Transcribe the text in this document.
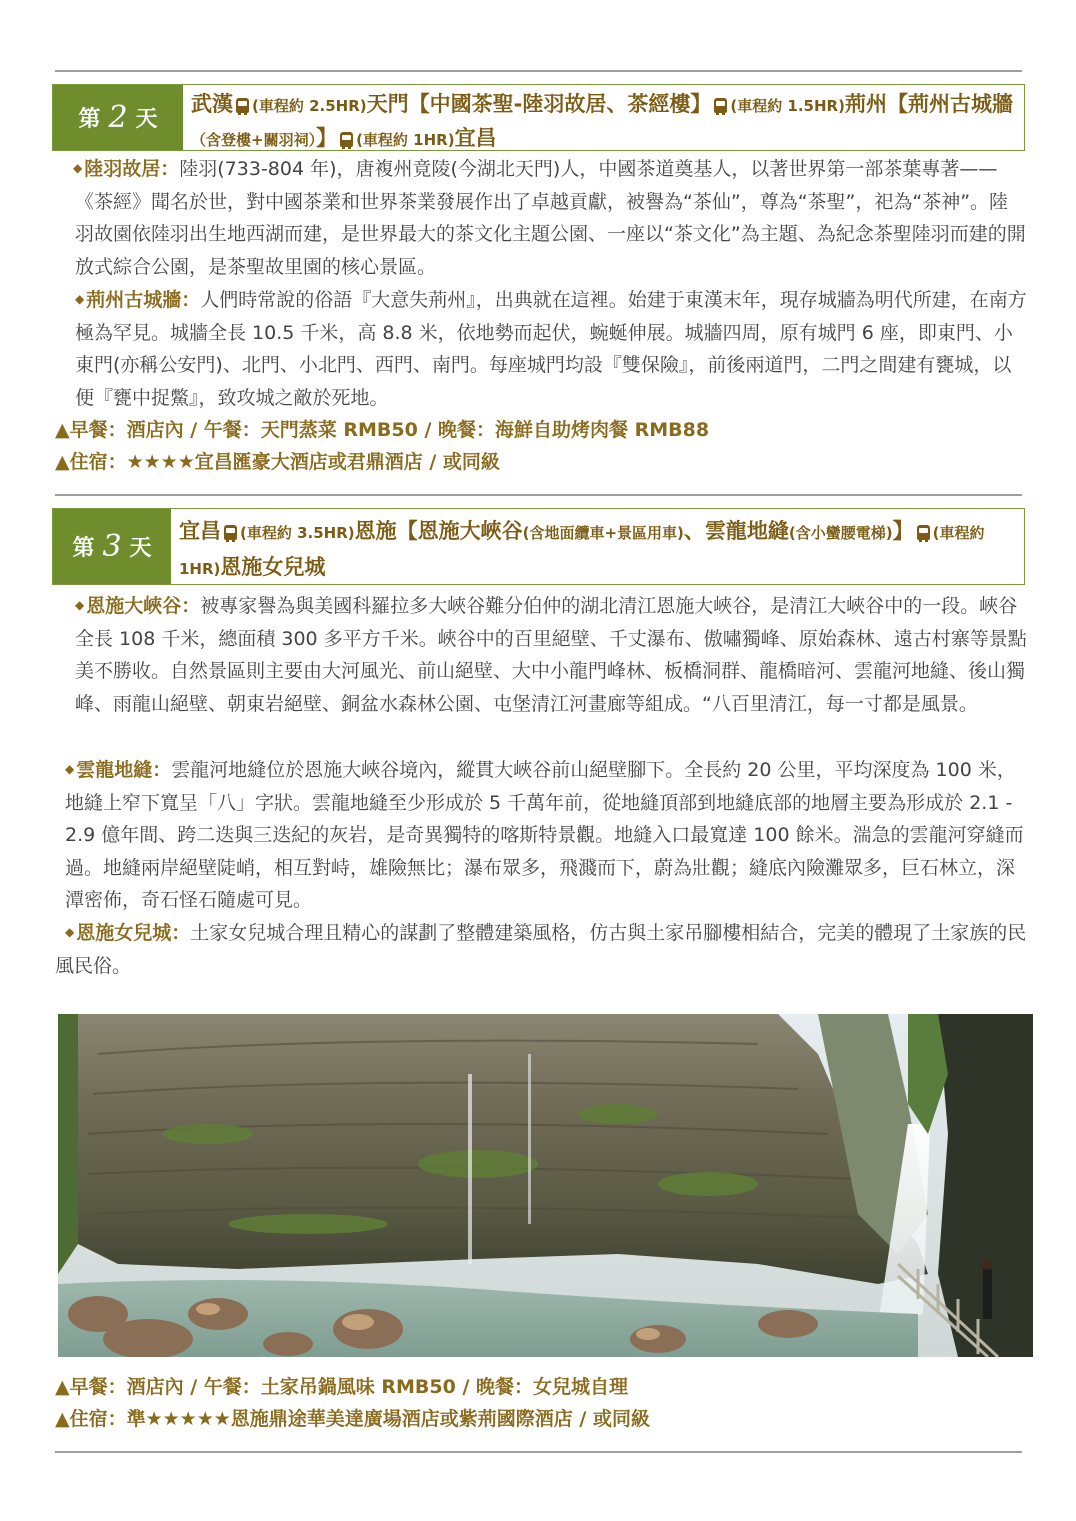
第 2 天
武漢 (車程約 2.5HR)天門【中國茶聖-陸羽故居、茶經樓】 (車程約 1.5HR)荊州【荊州古城牆（含登樓+關羽祠）】 (車程約 1HR)宜昌
◆ 陸羽故居：陸羽(733-804 年)，唐複州竟陵(今湖北天門)人，中國茶道奠基人，以著世界第一部茶葉專著——《茶經》聞名於世，對中國茶業和世界茶業發展作出了卓越貢獻，被譽為“茶仙”，尊為“茶聖”，祀為“茶神”。陸羽故園依陸羽出生地西湖而建，是世界最大的茶文化主題公園、一座以“茶文化”為主題、為紀念茶聖陸羽而建的開放式綜合公園，是茶聖故里園的核心景區。
◆ 荊州古城牆：人們時常說的俗語『大意失荊州』，出典就在這裡。始建于東漢末年，現存城牆為明代所建，在南方極為罕見。城牆全長 10.5 千米，高 8.8 米，依地勢而起伏，蜿蜒伸展。城牆四周，原有城門 6 座，即東門、小東門(亦稱公安門)、北門、小北門、西門、南門。每座城門均設『雙保險』，前後兩道門，二門之間建有甕城，以便『甕中捉鱉』，致攻城之敵於死地。
▲早餐：酒店內 / 午餐：天門蒸菜 RMB50 / 晚餐：海鮮自助烤肉餐 RMB88
▲住宿：★★★★宜昌匯豪大酒店或君鼎酒店 / 或同級
第 3 天
宜昌 (車程約 3.5HR)恩施【恩施大峽谷(含地面纜車+景區用車)、雲龍地縫(含小蠻腰電梯)】 (車程約 1HR)恩施女兒城
◆ 恩施大峽谷：被專家譽為與美國科羅拉多大峽谷難分伯仲的湖北清江恩施大峽谷，是清江大峽谷中的一段。峽谷全長 108 千米，總面積 300 多平方千米。峽谷中的百里絕壁、千丈瀑布、傲嘯獨峰、原始森林、遠古村寨等景點美不勝收。自然景區則主要由大河風光、前山絕壁、大中小龍門峰林、板橋洞群、龍橋暗河、雲龍河地縫、後山獨峰、雨龍山絕壁、朝東岩絕壁、銅盆水森林公園、屯堡清江河畫廊等組成。“八百里清江，每一寸都是風景。
◆ 雲龍地縫：雲龍河地縫位於恩施大峽谷境內，縱貫大峽谷前山絕壁腳下。全長約 20 公里，平均深度為 100 米，地縫上窄下寬呈「八」字狀。雲龍地縫至少形成於 5 千萬年前，從地縫頂部到地縫底部的地層主要為形成於 2.1 - 2.9 億年間、跨二迭與三迭紀的灰岩，是奇異獨特的喀斯特景觀。地縫入口最寬達 100 餘米。湍急的雲龍河穿縫而過。地縫兩岸絕壁陡峭，相互對峙，雄險無比；瀑布眾多，飛濺而下，蔚為壯觀；縫底內險灘眾多，巨石林立，深潭密佈，奇石怪石隨處可見。
◆ 恩施女兒城：土家女兒城合理且精心的謀劃了整體建築風格，仿古與土家吊腳樓相結合，完美的體現了土家族的民風民俗。
▲早餐：酒店內 / 午餐：土家吊鍋風味 RMB50 / 晚餐：女兒城自理
▲住宿：準★★★★★恩施鼎途華美達廣場酒店或紫荊國際酒店 / 或同級
